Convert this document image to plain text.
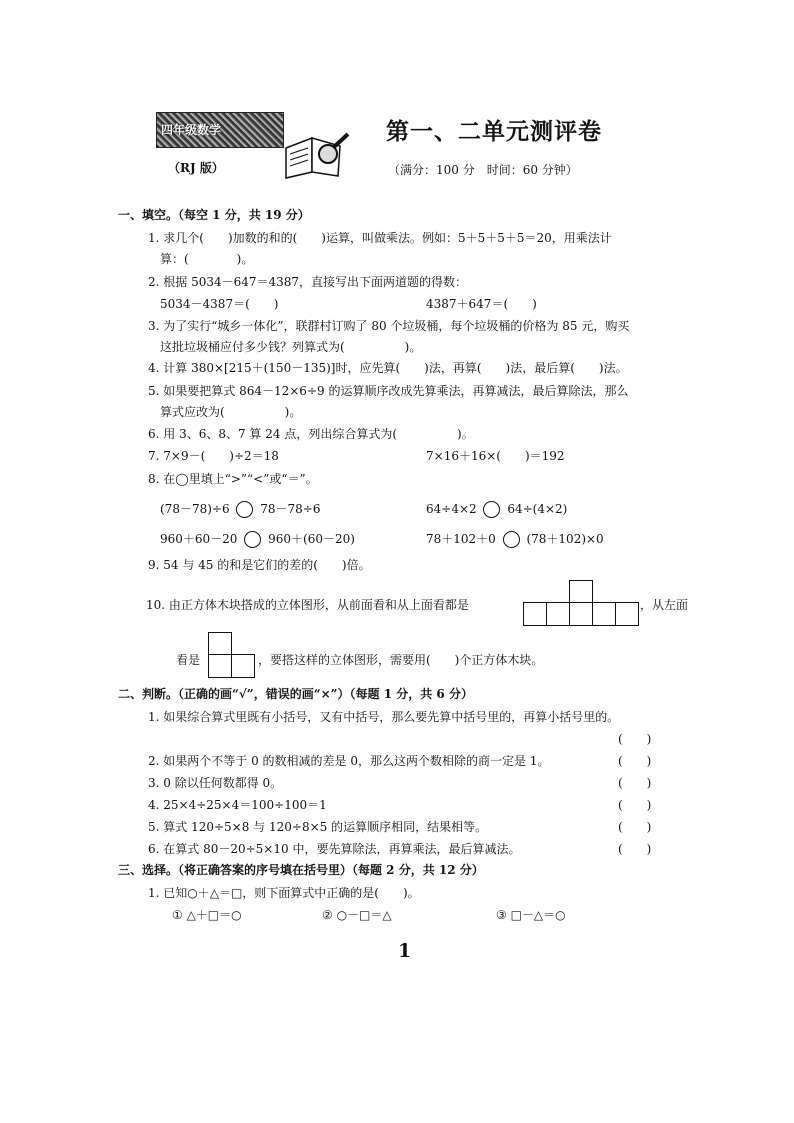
四年级数学
（RJ 版）
第一、二单元测评卷
（满分：100 分　时间：60 分钟）
一、填空。（每空 1 分，共 19 分）
1. 求几个(　　)加数的和的(　　)运算，叫做乘法。例如：5＋5＋5＋5＝20，用乘法计
算：(　　　　)。
2. 根据 5034－647＝4387，直接写出下面两道题的得数：
5034－4387＝(　　)	4387＋647＝(　　)
3. 为了实行“城乡一体化”，联群村订购了 80 个垃圾桶，每个垃圾桶的价格为 85 元，购买
这批垃圾桶应付多少钱？列算式为(　　　　　)。
4. 计算 380×[215＋(150－135)]时，应先算(　　)法，再算(　　)法，最后算(　　)法。
5. 如果要把算式 864－12×6÷9 的运算顺序改成先算乘法，再算减法，最后算除法，那么
算式应改为(　　　　　)。
6. 用 3、6、8、7 算 24 点，列出综合算式为(　　　　　)。
7. 7×9－(　　)÷2＝18	7×16＋16×(　　)＝192
8. 在◯里填上“>”“<”或“＝”。
(78－78)÷6	78－78÷6	64÷4×2	64÷(4×2)
960＋60－20	960＋(60－20)	78＋102＋0	(78＋102)×0
9. 54 与 45 的和是它们的差的(　　)倍。
10. 由正方体木块搭成的立体图形，从前面看和从上面看都是	，从左面
看是	，要搭这样的立体图形，需要用(　　)个正方体木块。
二、判断。（正确的画“√”，错误的画“×”）（每题 1 分，共 6 分）
1. 如果综合算式里既有小括号，又有中括号，那么要先算中括号里的，再算小括号里的。
(　　)
2. 如果两个不等于 0 的数相减的差是 0，那么这两个数相除的商一定是 1。	(　　)
3. 0 除以任何数都得 0。	(　　)
4. 25×4÷25×4＝100÷100＝1	(　　)
5. 算式 120÷5×8 与 120÷8×5 的运算顺序相同，结果相等。	(　　)
6. 在算式 80－20÷5×10 中，要先算除法，再算乘法，最后算减法。	(　　)
三、选择。（将正确答案的序号填在括号里）（每题 2 分，共 12 分）
1. 已知○＋△＝□，则下面算式中正确的是(　　)。
① △＋□＝○	② ○－□＝△	③ □－△＝○
1
